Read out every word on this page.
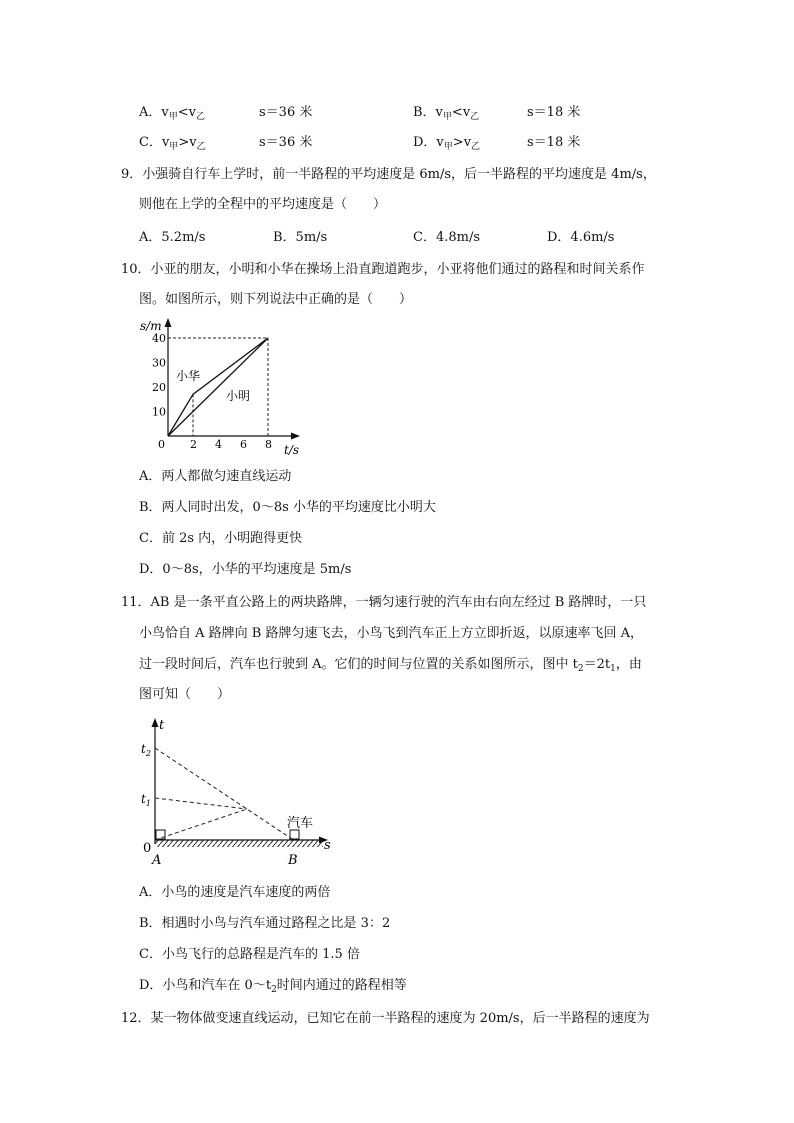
A．$v_甲<v_乙$	s＝36 米	B．$v_甲<v_乙$	s＝18 米
C．$v_甲>v_乙$	s＝36 米	D．$v_甲>v_乙$	s＝18 米
9．小强骑自行车上学时，前一半路程的平均速度是 6m/s，后一半路程的平均速度是 4m/s，
则他在上学的全程中的平均速度是（　　）
A．5.2m/s	B．5m/s	C．4.8m/s	D．4.6m/s
10．小亚的朋友，小明和小华在操场上沿直跑道跑步，小亚将他们通过的路程和时间关系作
图。如图所示，则下列说法中正确的是（　　）
s/m
t/s
0 2 4 6 8
10
20
30
40
小华
小明
A．两人都做匀速直线运动
B．两人同时出发，0～8s 小华的平均速度比小明大
C．前 2s 内，小明跑得更快
D．0～8s，小华的平均速度是 5m/s
11．AB 是一条平直公路上的两块路牌，一辆匀速行驶的汽车由右向左经过 B 路牌时，一只
小鸟恰自 A 路牌向 B 路牌匀速飞去，小鸟飞到汽车正上方立即折返，以原速率飞回 A，
过一段时间后，汽车也行驶到 A。它们的时间与位置的关系如图所示，图中 $t_2=2t_1$，由
图可知（　　）
t
s
$t_2$
$t_1$
0
A	B
汽车
A．小鸟的速度是汽车速度的两倍
B．相遇时小鸟与汽车通过路程之比是 3：2
C．小鸟飞行的总路程是汽车的 1.5 倍
D．小鸟和汽车在 $0\sim t_2$时间内通过的路程相等
12．某一物体做变速直线运动，已知它在前一半路程的速度为 20m/s，后一半路程的速度为
